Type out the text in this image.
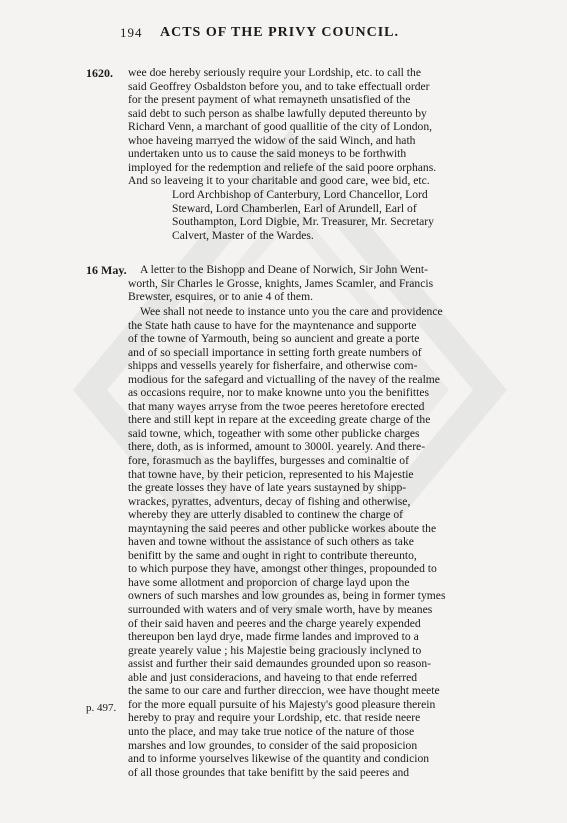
194 ACTS OF THE PRIVY COUNCIL.
1620.
16 May.
p. 497.
wee doe hereby seriously require your Lordship, etc. to call the
said Geoffrey Osbaldston before you, and to take effectuall order
for the present payment of what remayneth unsatisfied of the
said debt to such person as shalbe lawfully deputed thereunto by
Richard Venn, a marchant of good quallitie of the city of London,
whoe haveing marryed the widow of the said Winch, and hath
undertaken unto us to cause the said moneys to be forthwith
imployed for the redemption and reliefe of the said poore orphans.
And so leaveing it to your charitable and good care, wee bid, etc.
Lord Archbishop of Canterbury, Lord Chancellor, Lord
Steward, Lord Chamberlen, Earl of Arundell, Earl of
Southampton, Lord Digbie, Mr. Treasurer, Mr. Secretary
Calvert, Master of the Wardes.
A letter to the Bishopp and Deane of Norwich, Sir John Went-
worth, Sir Charles le Grosse, knights, James Scamler, and Francis
Brewster, esquires, or to anie 4 of them.
Wee shall not neede to instance unto you the care and providence
the State hath cause to have for the mayntenance and supporte
of the towne of Yarmouth, being so auncient and greate a porte
and of so speciall importance in setting forth greate numbers of
shipps and vessells yearely for fisherfaire, and otherwise com-
modious for the safegard and victualling of the navey of the realme
as occasions require, nor to make knowne unto you the benifittes
that many wayes arryse from the twoe peeres heretofore erected
there and still kept in repare at the exceeding greate charge of the
said towne, which, togeather with some other publicke charges
there, doth, as is informed, amount to 3000l. yearely. And there-
fore, forasmuch as the bayliffes, burgesses and cominaltie of
that towne have, by their peticion, represented to his Majestie
the greate losses they have of late years sustayned by shipp-
wrackes, pyrattes, adventurs, decay of fishing and otherwise,
whereby they are utterly disabled to continew the charge of
mayntayning the said peeres and other publicke workes aboute the
haven and towne without the assistance of such others as take
benifitt by the same and ought in right to contribute thereunto,
to which purpose they have, amongst other thinges, propounded to
have some allotment and proporcion of charge layd upon the
owners of such marshes and low groundes as, being in former tymes
surrounded with waters and of very smale worth, have by meanes
of their said haven and peeres and the charge yearely expended
thereupon ben layd drye, made firme landes and improved to a
greate yearely value ; his Majestie being graciously inclyned to
assist and further their said demaundes grounded upon so reason-
able and just consideracions, and haveing to that ende referred
the same to our care and further direccion, wee have thought meete
for the more equall pursuite of his Majesty's good pleasure therein
hereby to pray and require your Lordship, etc. that reside neere
unto the place, and may take true notice of the nature of those
marshes and low groundes, to consider of the said proposicion
and to informe yourselves likewise of the quantity and condicion
of all those groundes that take benifitt by the said peeres and
